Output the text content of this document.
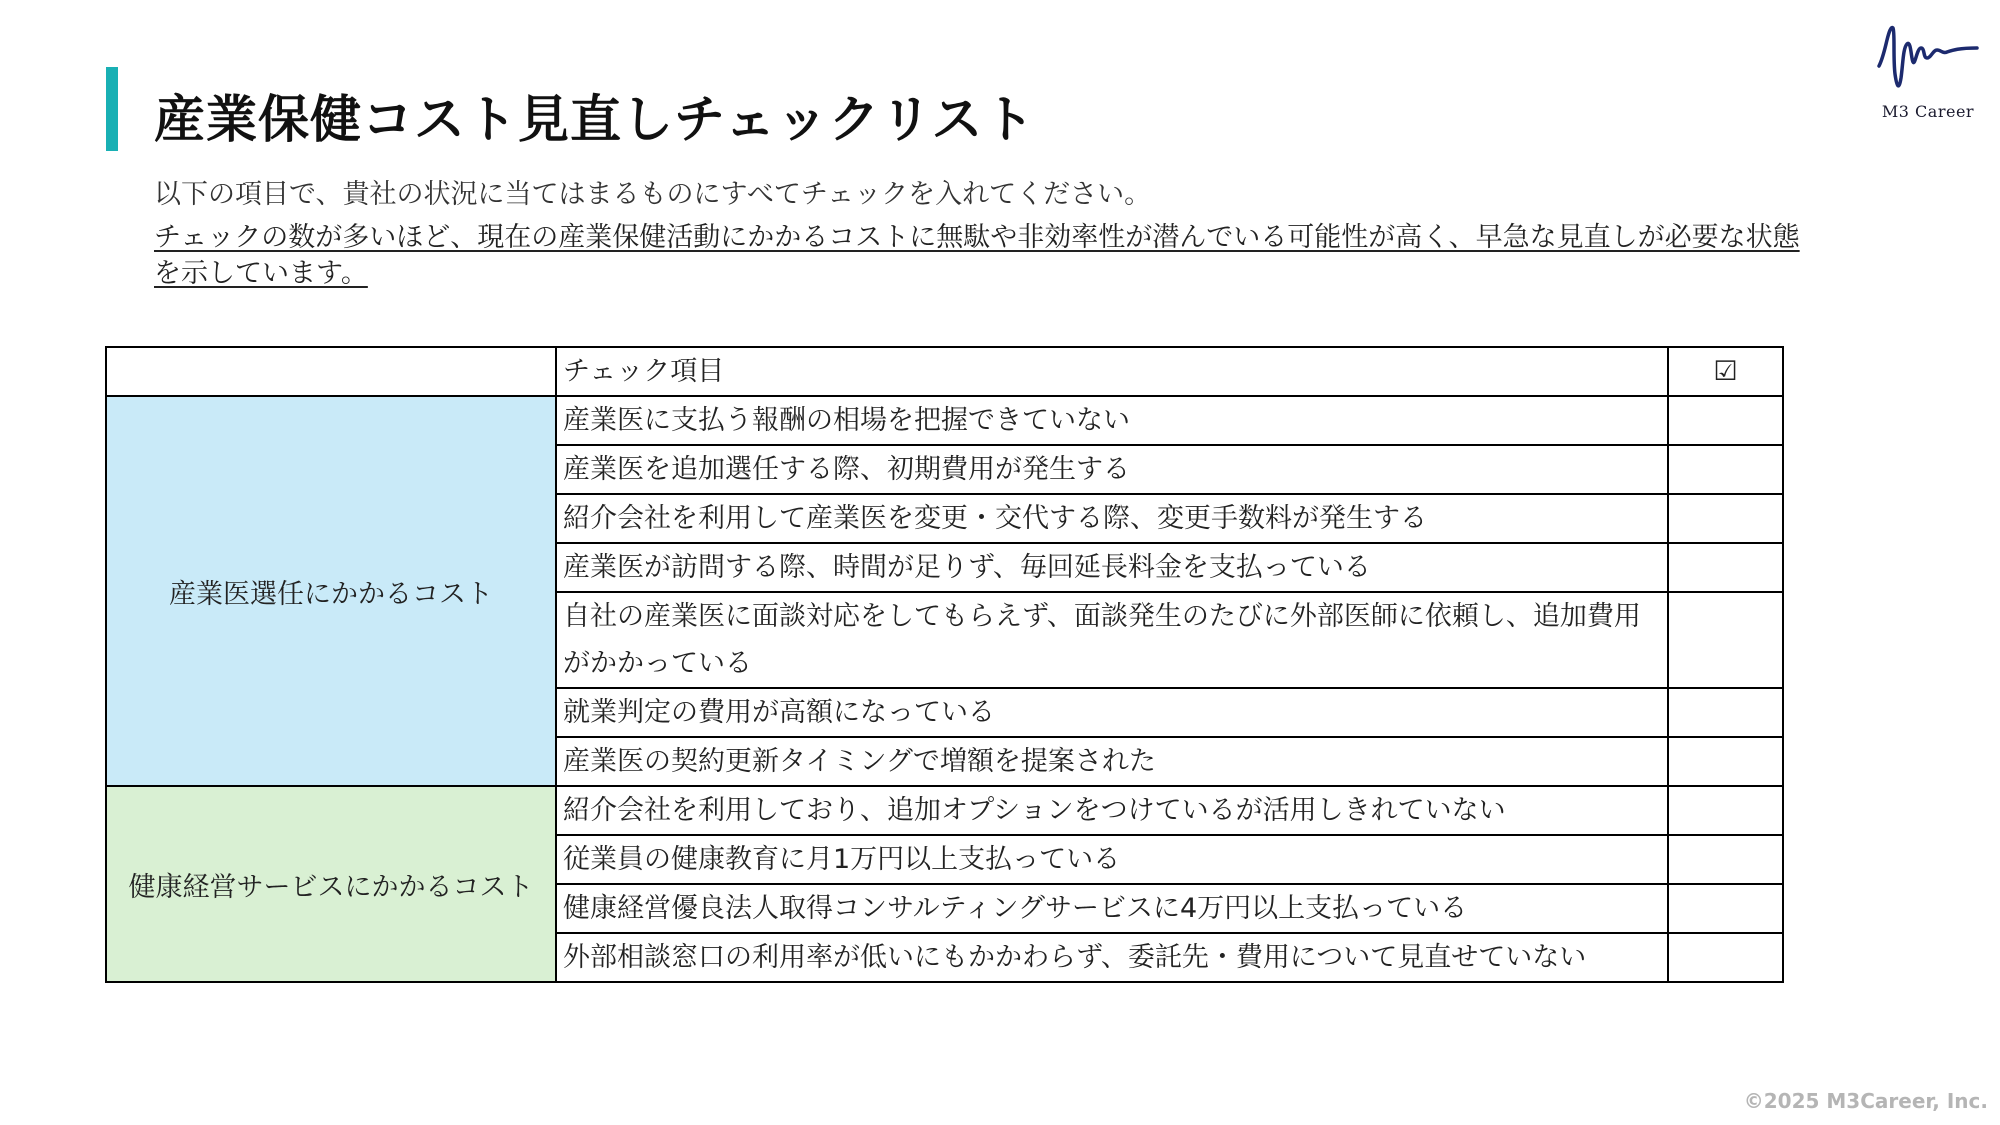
産業保健コスト見直しチェックリスト
以下の項目で、貴社の状況に当てはまるものにすべてチェックを入れてください。
チェックの数が多いほど、現在の産業保健活動にかかるコストに無駄や非効率性が潜んでいる可能性が高く、早急な見直しが必要な状態を示しています。
M3 Career
	チェック項目	☑
産業医選任にかかるコスト	産業医に支払う報酬の相場を把握できていない	
	産業医を追加選任する際、初期費用が発生する	
	紹介会社を利用して産業医を変更・交代する際、変更手数料が発生する	
	産業医が訪問する際、時間が足りず、毎回延長料金を支払っている	
	自社の産業医に面談対応をしてもらえず、面談発生のたびに外部医師に依頼し、追加費用がかかっている	
	就業判定の費用が高額になっている	
	産業医の契約更新タイミングで増額を提案された	
健康経営サービスにかかるコスト	紹介会社を利用しており、追加オプションをつけているが活用しきれていない	
	従業員の健康教育に月1万円以上支払っている	
	健康経営優良法人取得コンサルティングサービスに4万円以上支払っている	
	外部相談窓口の利用率が低いにもかかわらず、委託先・費用について見直せていない	
©2025 M3Career, Inc.
